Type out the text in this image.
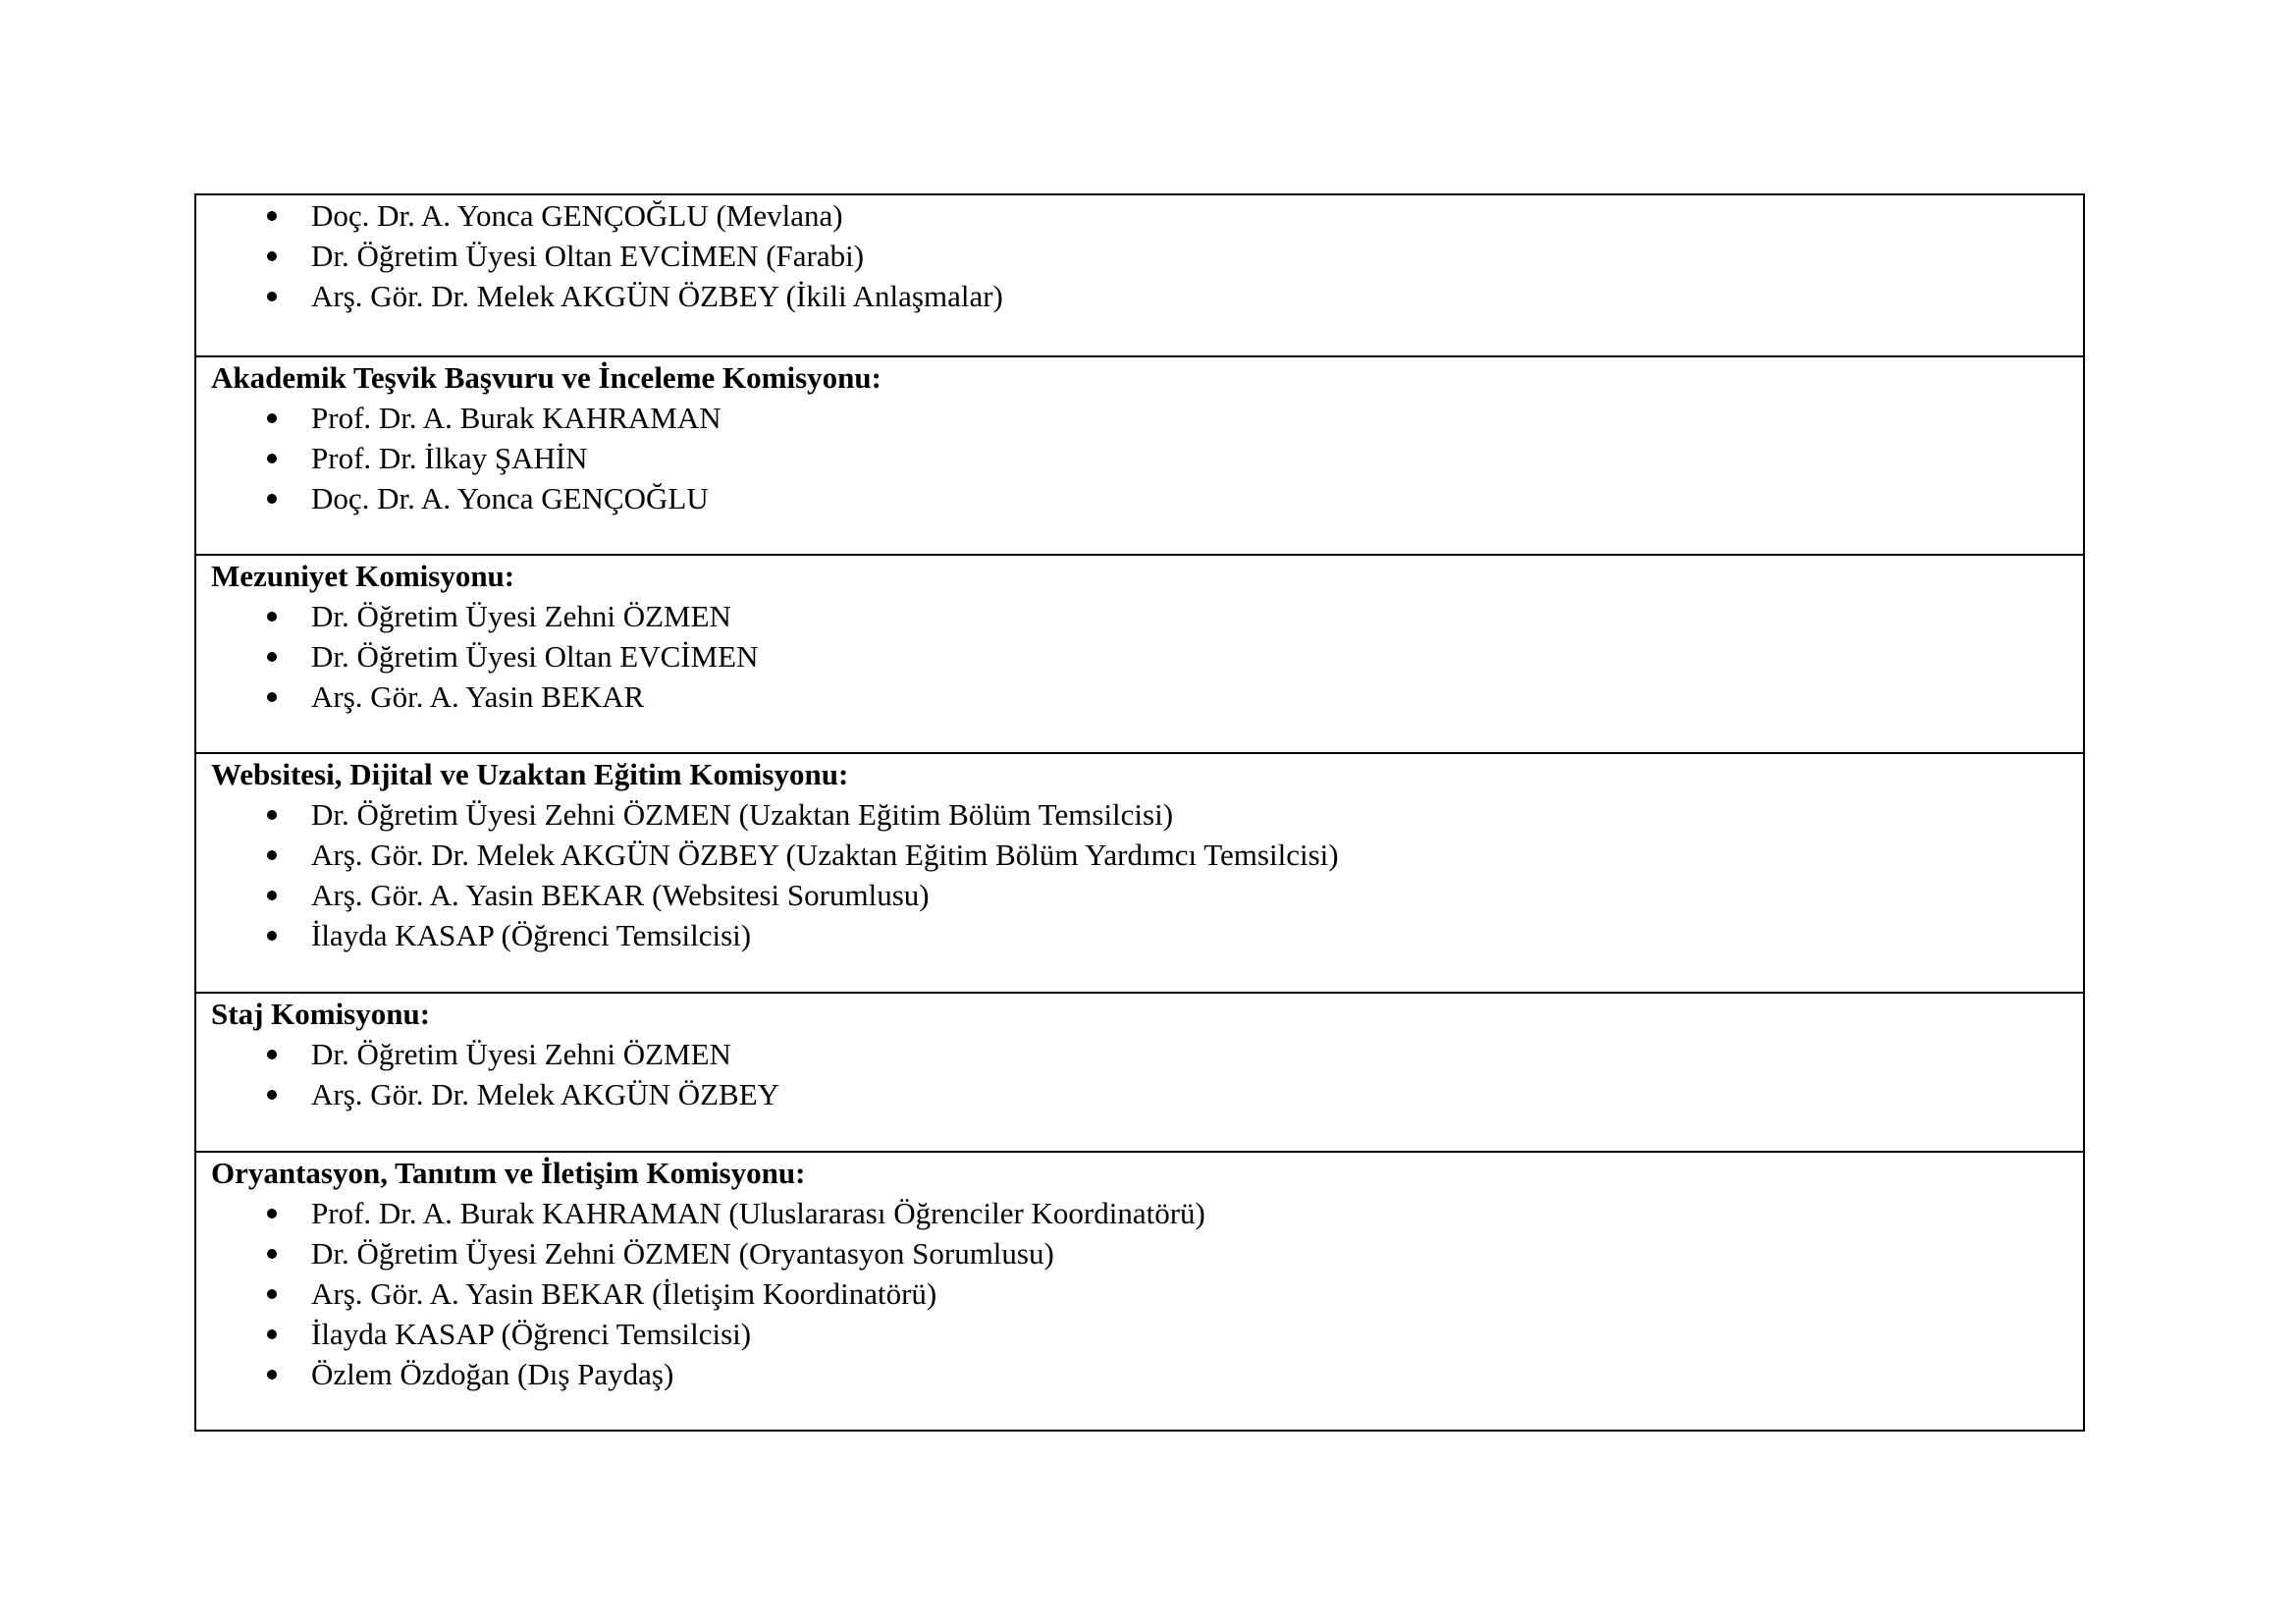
Doç. Dr. A. Yonca GENÇOĞLU (Mevlana)
Dr. Öğretim Üyesi Oltan EVCİMEN (Farabi)
Arş. Gör. Dr. Melek AKGÜN ÖZBEY (İkili Anlaşmalar)

Akademik Teşvik Başvuru ve İnceleme Komisyonu:
Prof. Dr. A. Burak KAHRAMAN
Prof. Dr. İlkay ŞAHİN
Doç. Dr. A. Yonca GENÇOĞLU

Mezuniyet Komisyonu:
Dr. Öğretim Üyesi Zehni ÖZMEN
Dr. Öğretim Üyesi Oltan EVCİMEN
Arş. Gör. A. Yasin BEKAR

Websitesi, Dijital ve Uzaktan Eğitim Komisyonu:
Dr. Öğretim Üyesi Zehni ÖZMEN (Uzaktan Eğitim Bölüm Temsilcisi)
Arş. Gör. Dr. Melek AKGÜN ÖZBEY (Uzaktan Eğitim Bölüm Yardımcı Temsilcisi)
Arş. Gör. A. Yasin BEKAR (Websitesi Sorumlusu)
İlayda KASAP (Öğrenci Temsilcisi)

Staj Komisyonu:
Dr. Öğretim Üyesi Zehni ÖZMEN
Arş. Gör. Dr. Melek AKGÜN ÖZBEY

Oryantasyon, Tanıtım ve İletişim Komisyonu:
Prof. Dr. A. Burak KAHRAMAN (Uluslararası Öğrenciler Koordinatörü)
Dr. Öğretim Üyesi Zehni ÖZMEN (Oryantasyon Sorumlusu)
Arş. Gör. A. Yasin BEKAR (İletişim Koordinatörü)
İlayda KASAP (Öğrenci Temsilcisi)
Özlem Özdoğan (Dış Paydaş)
